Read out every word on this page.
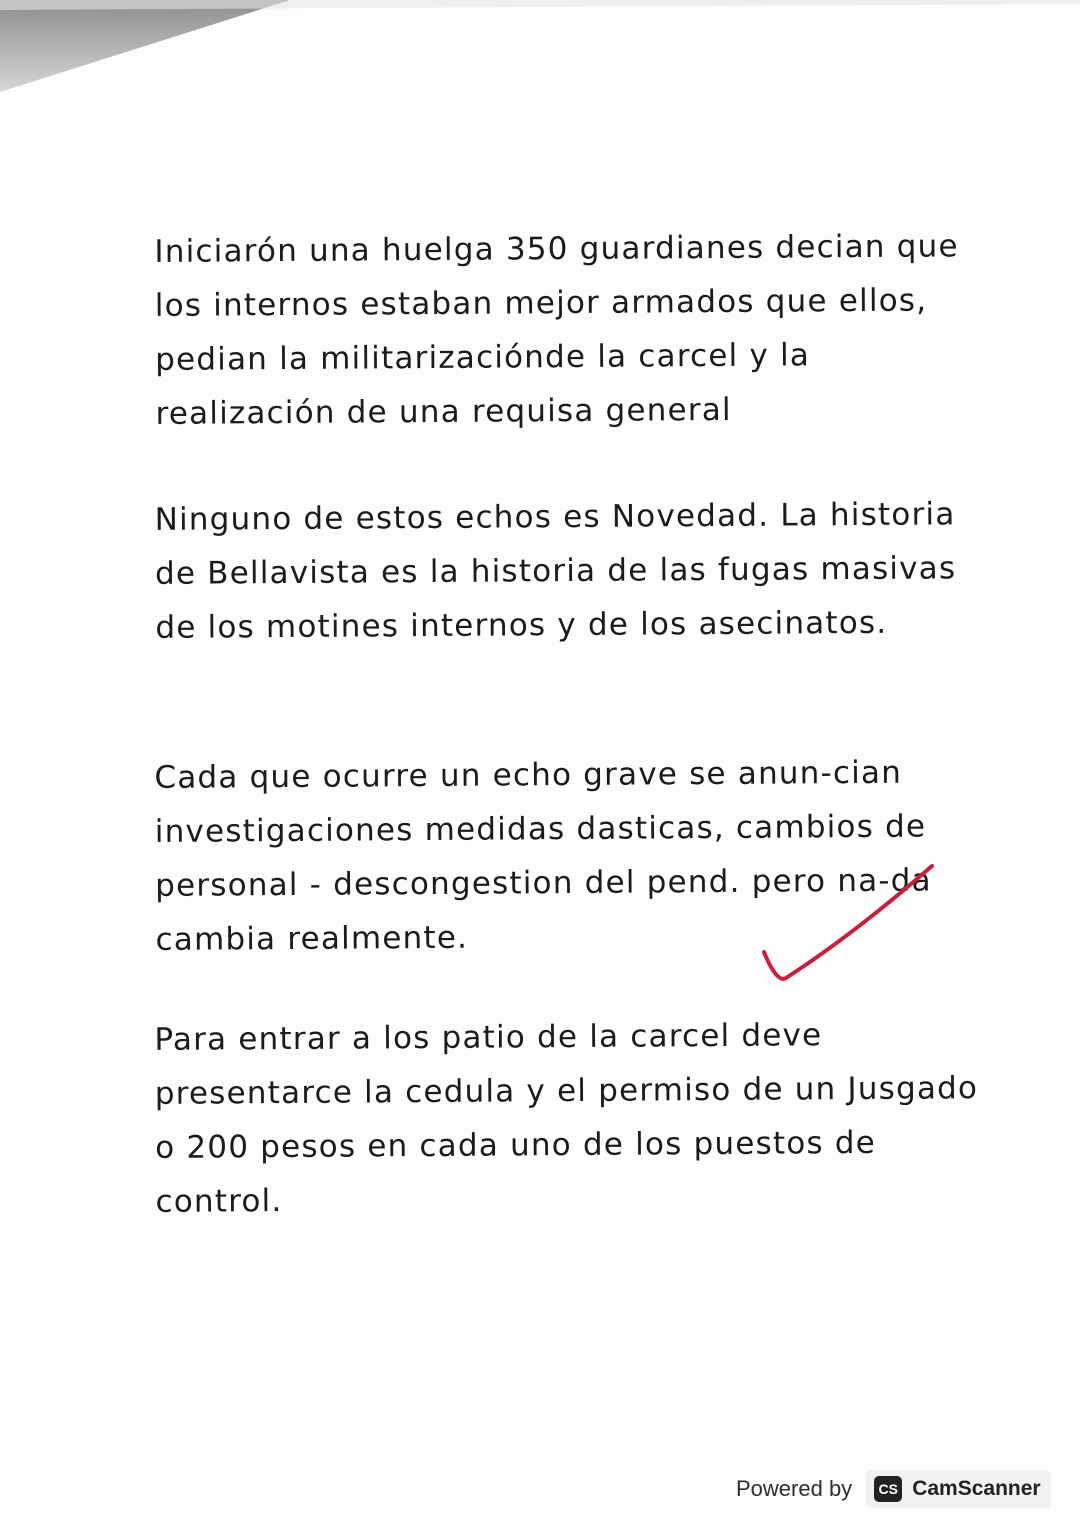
Iniciarón una huelga 350 guardianes decian que los internos estaban mejor armados que ellos, pedian la militarizaciónde la carcel y la realización de una requisa general

Ninguno de estos echos es Novedad. La historia de Bellavista es la historia de las fugas masivas de los motines internos y de los asecinatos.

Cada que ocurre un echo grave se anun-cian investigaciones medidas dasticas, cambios de personal - descongestion del pend. pero na-da cambia realmente.

Para entrar a los patio de la carcel deve presentarce la cedula y el permiso de un Jusgado o 200 pesos en cada uno de los puestos de control.

Powered by	CS CamScanner
